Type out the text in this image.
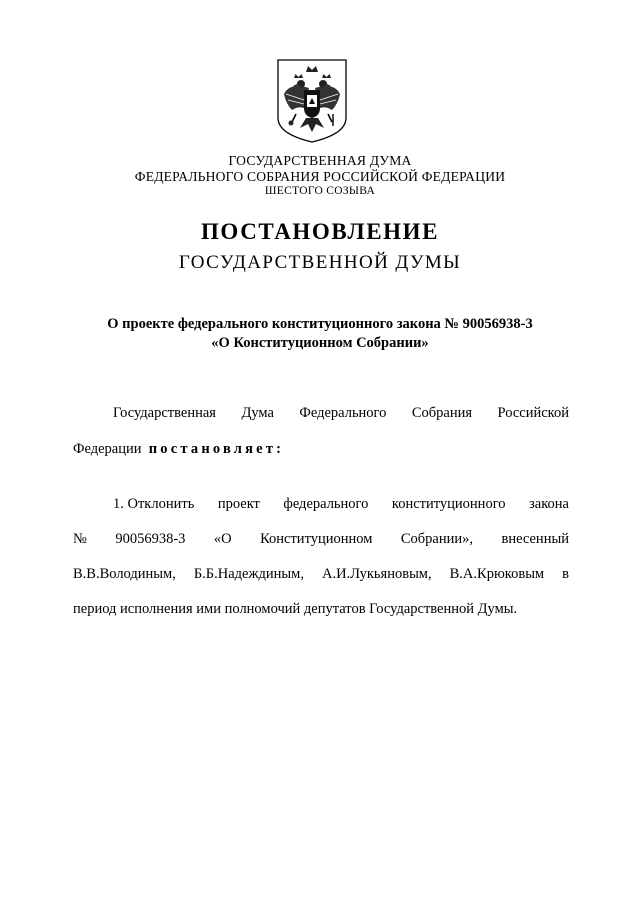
ГОСУДАРСТВЕННАЯ ДУМА
ФЕДЕРАЛЬНОГО СОБРАНИЯ РОССИЙСКОЙ ФЕДЕРАЦИИ
ШЕСТОГО СОЗЫВА
ПОСТАНОВЛЕНИЕ
ГОСУДАРСТВЕННОЙ ДУМЫ
О проекте федерального конституционного закона № 90056938-3
«О Конституционном Собрании»
Государственная Дума Федерального Собрания Российской
Федерации постановляет:
1. Отклонить проект федерального конституционного закона
№ 90056938-3 «О Конституционном Собрании», внесенный
В.В.Володиным, Б.Б.Надеждиным, А.И.Лукьяновым, В.А.Крюковым в
период исполнения ими полномочий депутатов Государственной Думы.
